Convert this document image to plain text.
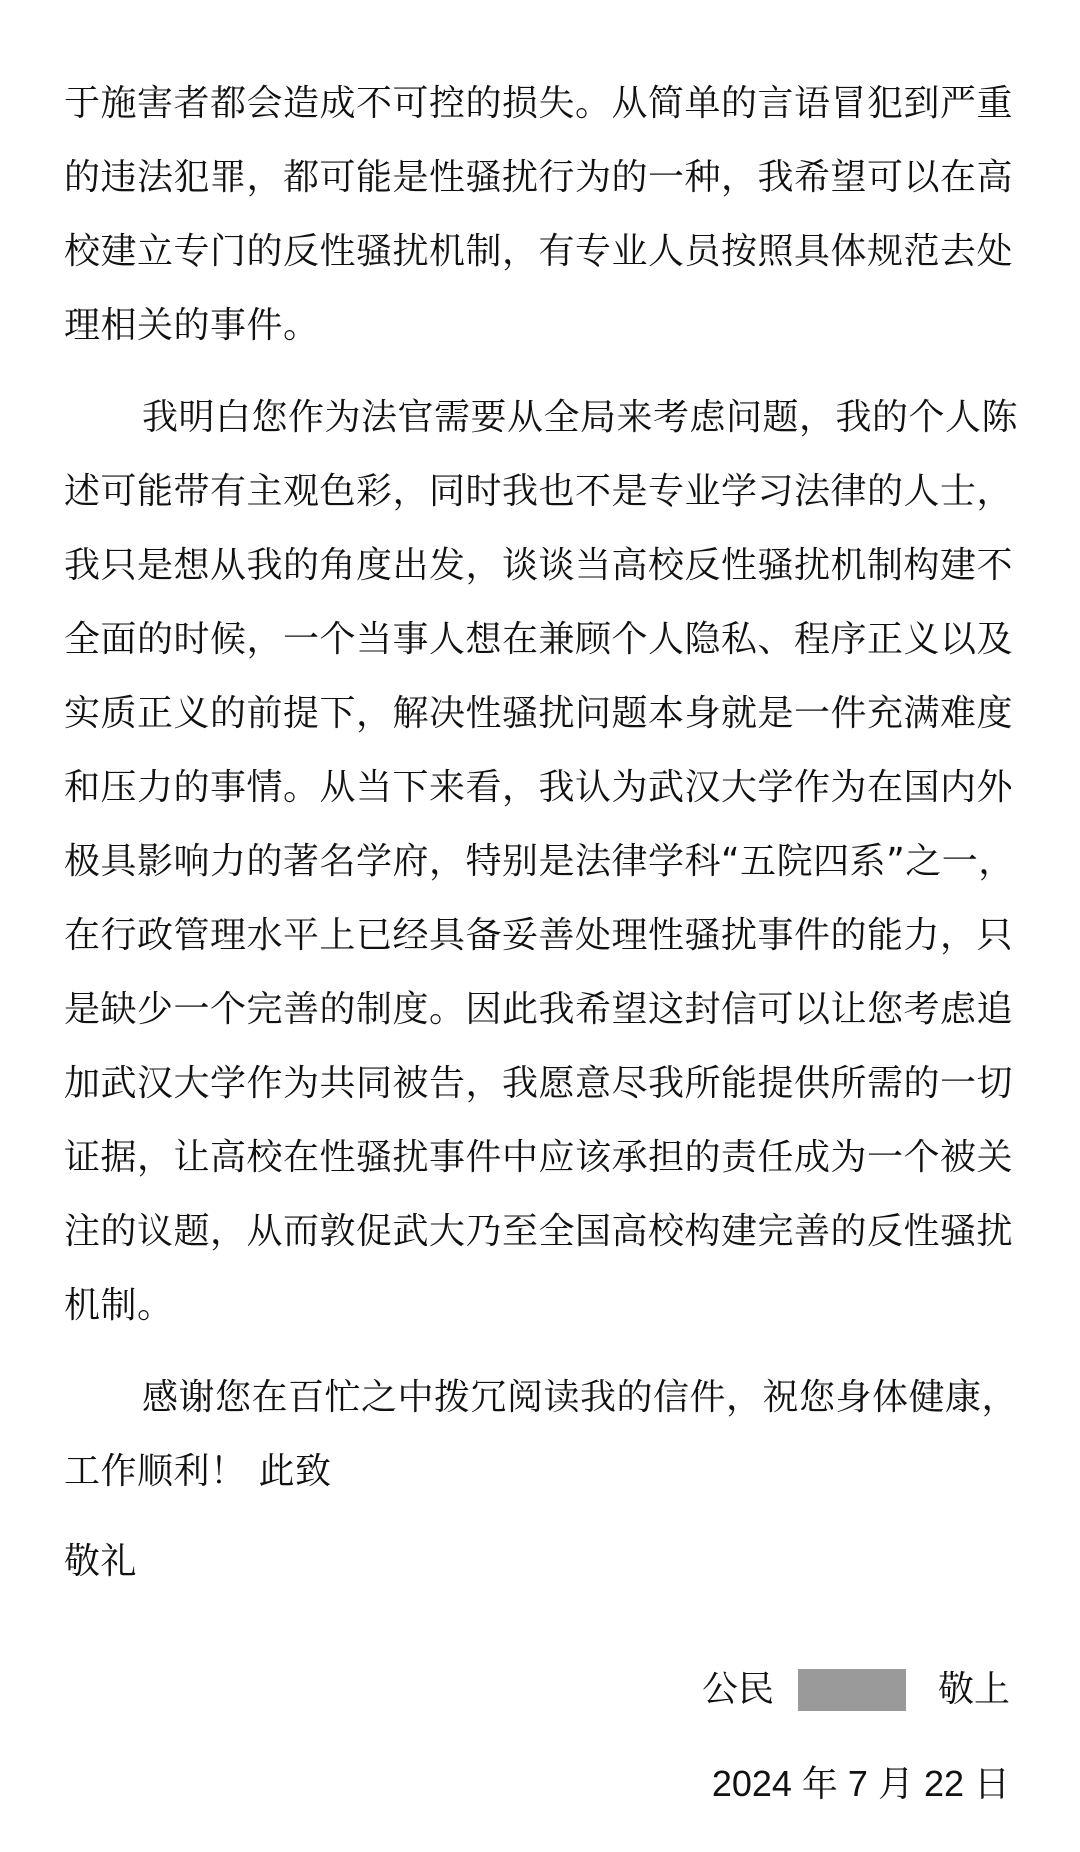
于施害者都会造成不可控的损失。从简单的言语冒犯到严重
的违法犯罪，都可能是性骚扰行为的一种，我希望可以在高
校建立专门的反性骚扰机制，有专业人员按照具体规范去处
理相关的事件。
我明白您作为法官需要从全局来考虑问题，我的个人陈
述可能带有主观色彩，同时我也不是专业学习法律的人士，
我只是想从我的角度出发，谈谈当高校反性骚扰机制构建不
全面的时候，一个当事人想在兼顾个人隐私、程序正义以及
实质正义的前提下，解决性骚扰问题本身就是一件充满难度
和压力的事情。从当下来看，我认为武汉大学作为在国内外
极具影响力的著名学府，特别是法律学科“五院四系”之一，
在行政管理水平上已经具备妥善处理性骚扰事件的能力，只
是缺少一个完善的制度。因此我希望这封信可以让您考虑追
加武汉大学作为共同被告，我愿意尽我所能提供所需的一切
证据，让高校在性骚扰事件中应该承担的责任成为一个被关
注的议题，从而敦促武大乃至全国高校构建完善的反性骚扰
机制。
感谢您在百忙之中拨冗阅读我的信件，祝您身体健康，
工作顺利！ 此致
敬礼
公民	敬上
2024 年 7 月 22 日
